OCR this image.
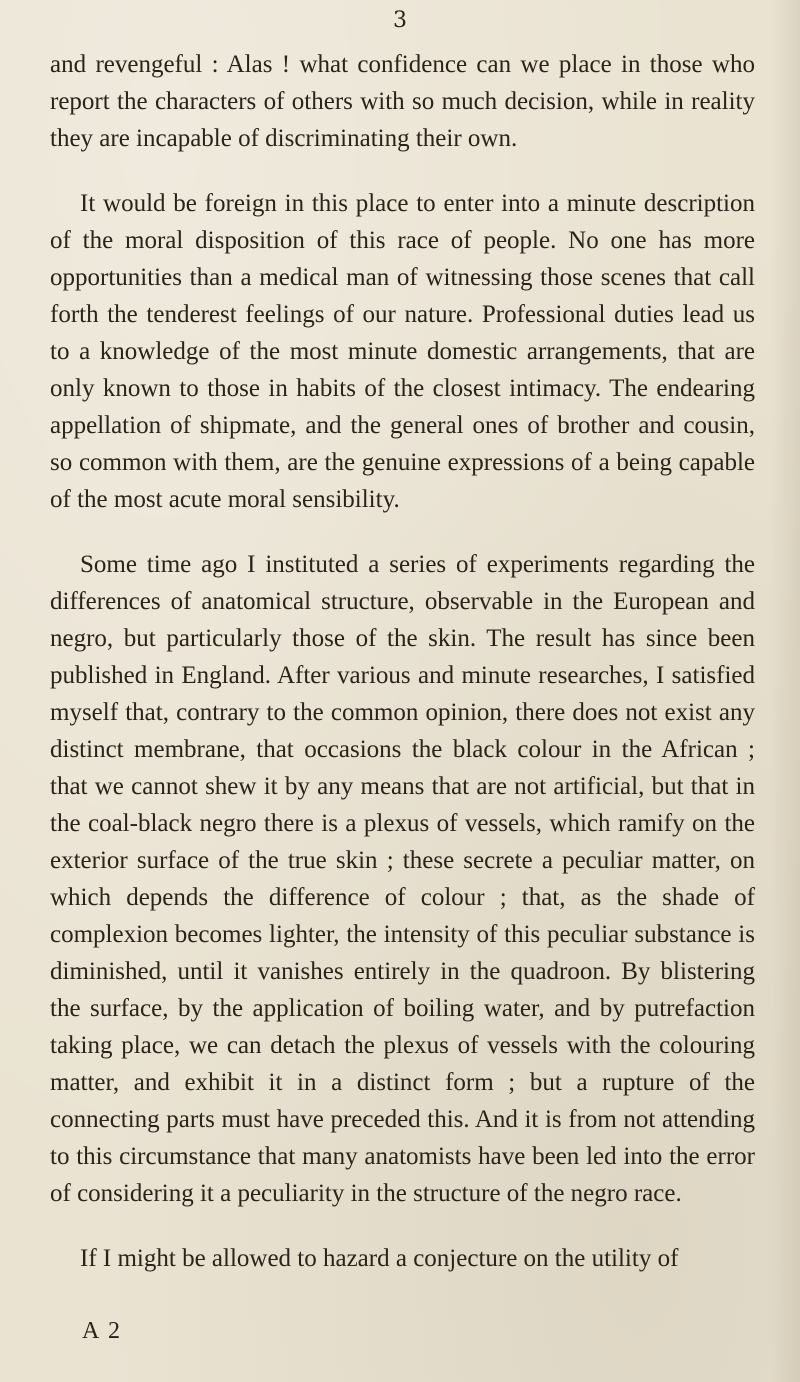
3

and revengeful : Alas ! what confidence can we place in those who report the characters of others with so much decision, while in reality they are incapable of discriminating their own.

It would be foreign in this place to enter into a minute description of the moral disposition of this race of people. No one has more opportunities than a medical man of witnessing those scenes that call forth the tenderest feelings of our nature. Professional duties lead us to a knowledge of the most minute domestic arrangements, that are only known to those in habits of the closest intimacy. The endearing appellation of shipmate, and the general ones of brother and cousin, so common with them, are the genuine expressions of a being capable of the most acute moral sensibility.

Some time ago I instituted a series of experiments regarding the differences of anatomical structure, observable in the European and negro, but particularly those of the skin. The result has since been published in England. After various and minute researches, I satisfied myself that, contrary to the common opinion, there does not exist any distinct membrane, that occasions the black colour in the African ; that we cannot shew it by any means that are not artificial, but that in the coal-black negro there is a plexus of vessels, which ramify on the exterior surface of the true skin ; these secrete a peculiar matter, on which depends the difference of colour ; that, as the shade of complexion becomes lighter, the intensity of this peculiar substance is diminished, until it vanishes entirely in the quadroon. By blistering the surface, by the application of boiling water, and by putrefaction taking place, we can detach the plexus of vessels with the colouring matter, and exhibit it in a distinct form ; but a rupture of the connecting parts must have preceded this. And it is from not attending to this circumstance that many anatomists have been led into the error of considering it a peculiarity in the structure of the negro race.

If I might be allowed to hazard a conjecture on the utility of

A 2
